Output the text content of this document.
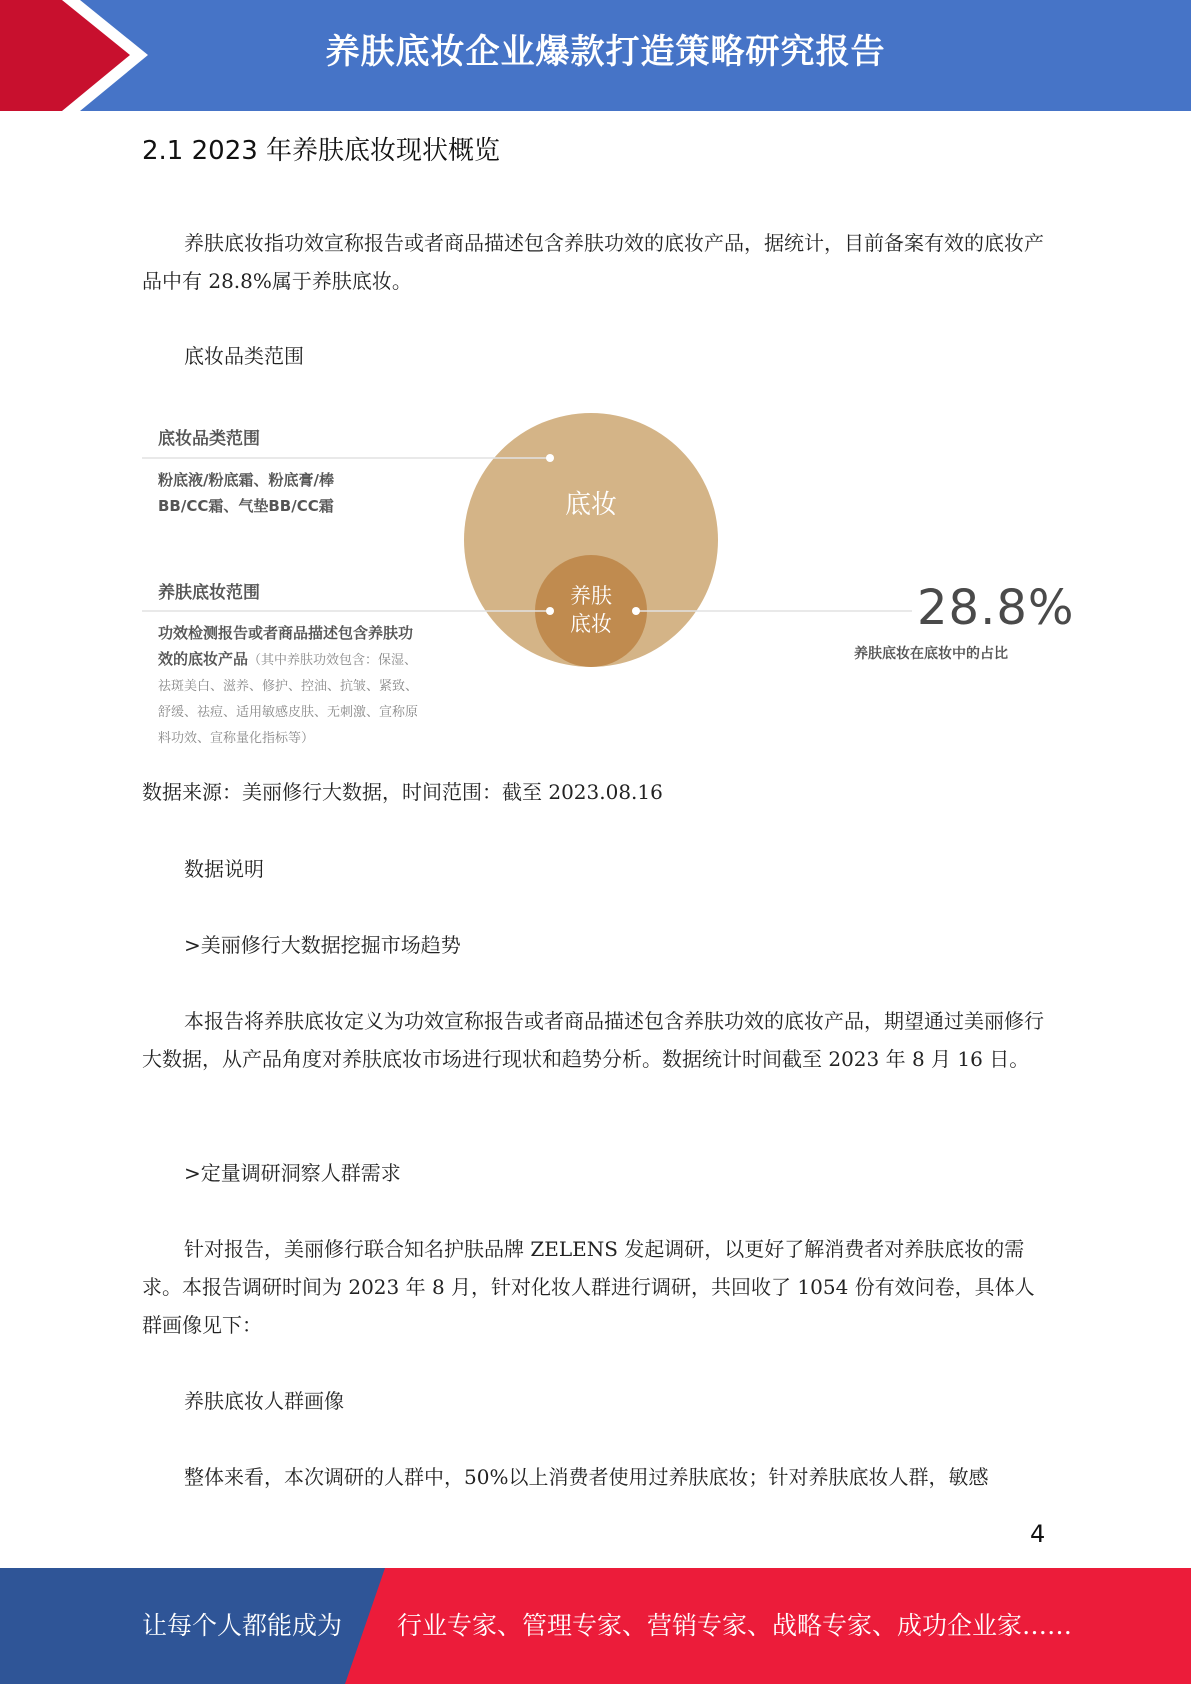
养肤底妆企业爆款打造策略研究报告
2.1 2023 年养肤底妆现状概览

养肤底妆指功效宣称报告或者商品描述包含养肤功效的底妆产品，据统计，目前备案有效的底妆产品中有 28.8%属于养肤底妆。

底妆品类范围

底妆
养肤
底妆
底妆品类范围
粉底液/粉底霜、粉底膏/棒
BB/CC霜、气垫BB/CC霜
养肤底妆范围
功效检测报告或者商品描述包含养肤功
效的底妆产品（其中养肤功效包含：保湿、
祛斑美白、滋养、修护、控油、抗皱、紧致、
舒缓、祛痘、适用敏感皮肤、无刺激、宣称原
料功效、宣称量化指标等）
28.8%
养肤底妆在底妆中的占比

数据来源：美丽修行大数据，时间范围：截至 2023.08.16

数据说明

>美丽修行大数据挖掘市场趋势

本报告将养肤底妆定义为功效宣称报告或者商品描述包含养肤功效的底妆产品，期望通过美丽修行大数据，从产品角度对养肤底妆市场进行现状和趋势分析。数据统计时间截至 2023 年 8 月 16 日。

>定量调研洞察人群需求

针对报告，美丽修行联合知名护肤品牌 ZELENS 发起调研，以更好了解消费者对养肤底妆的需求。本报告调研时间为 2023 年 8 月，针对化妆人群进行调研，共回收了 1054 份有效问卷，具体人群画像见下：

养肤底妆人群画像

整体来看，本次调研的人群中，50%以上消费者使用过养肤底妆；针对养肤底妆人群，敏感

4
让每个人都能成为 行业专家、管理专家、营销专家、战略专家、成功企业家……
